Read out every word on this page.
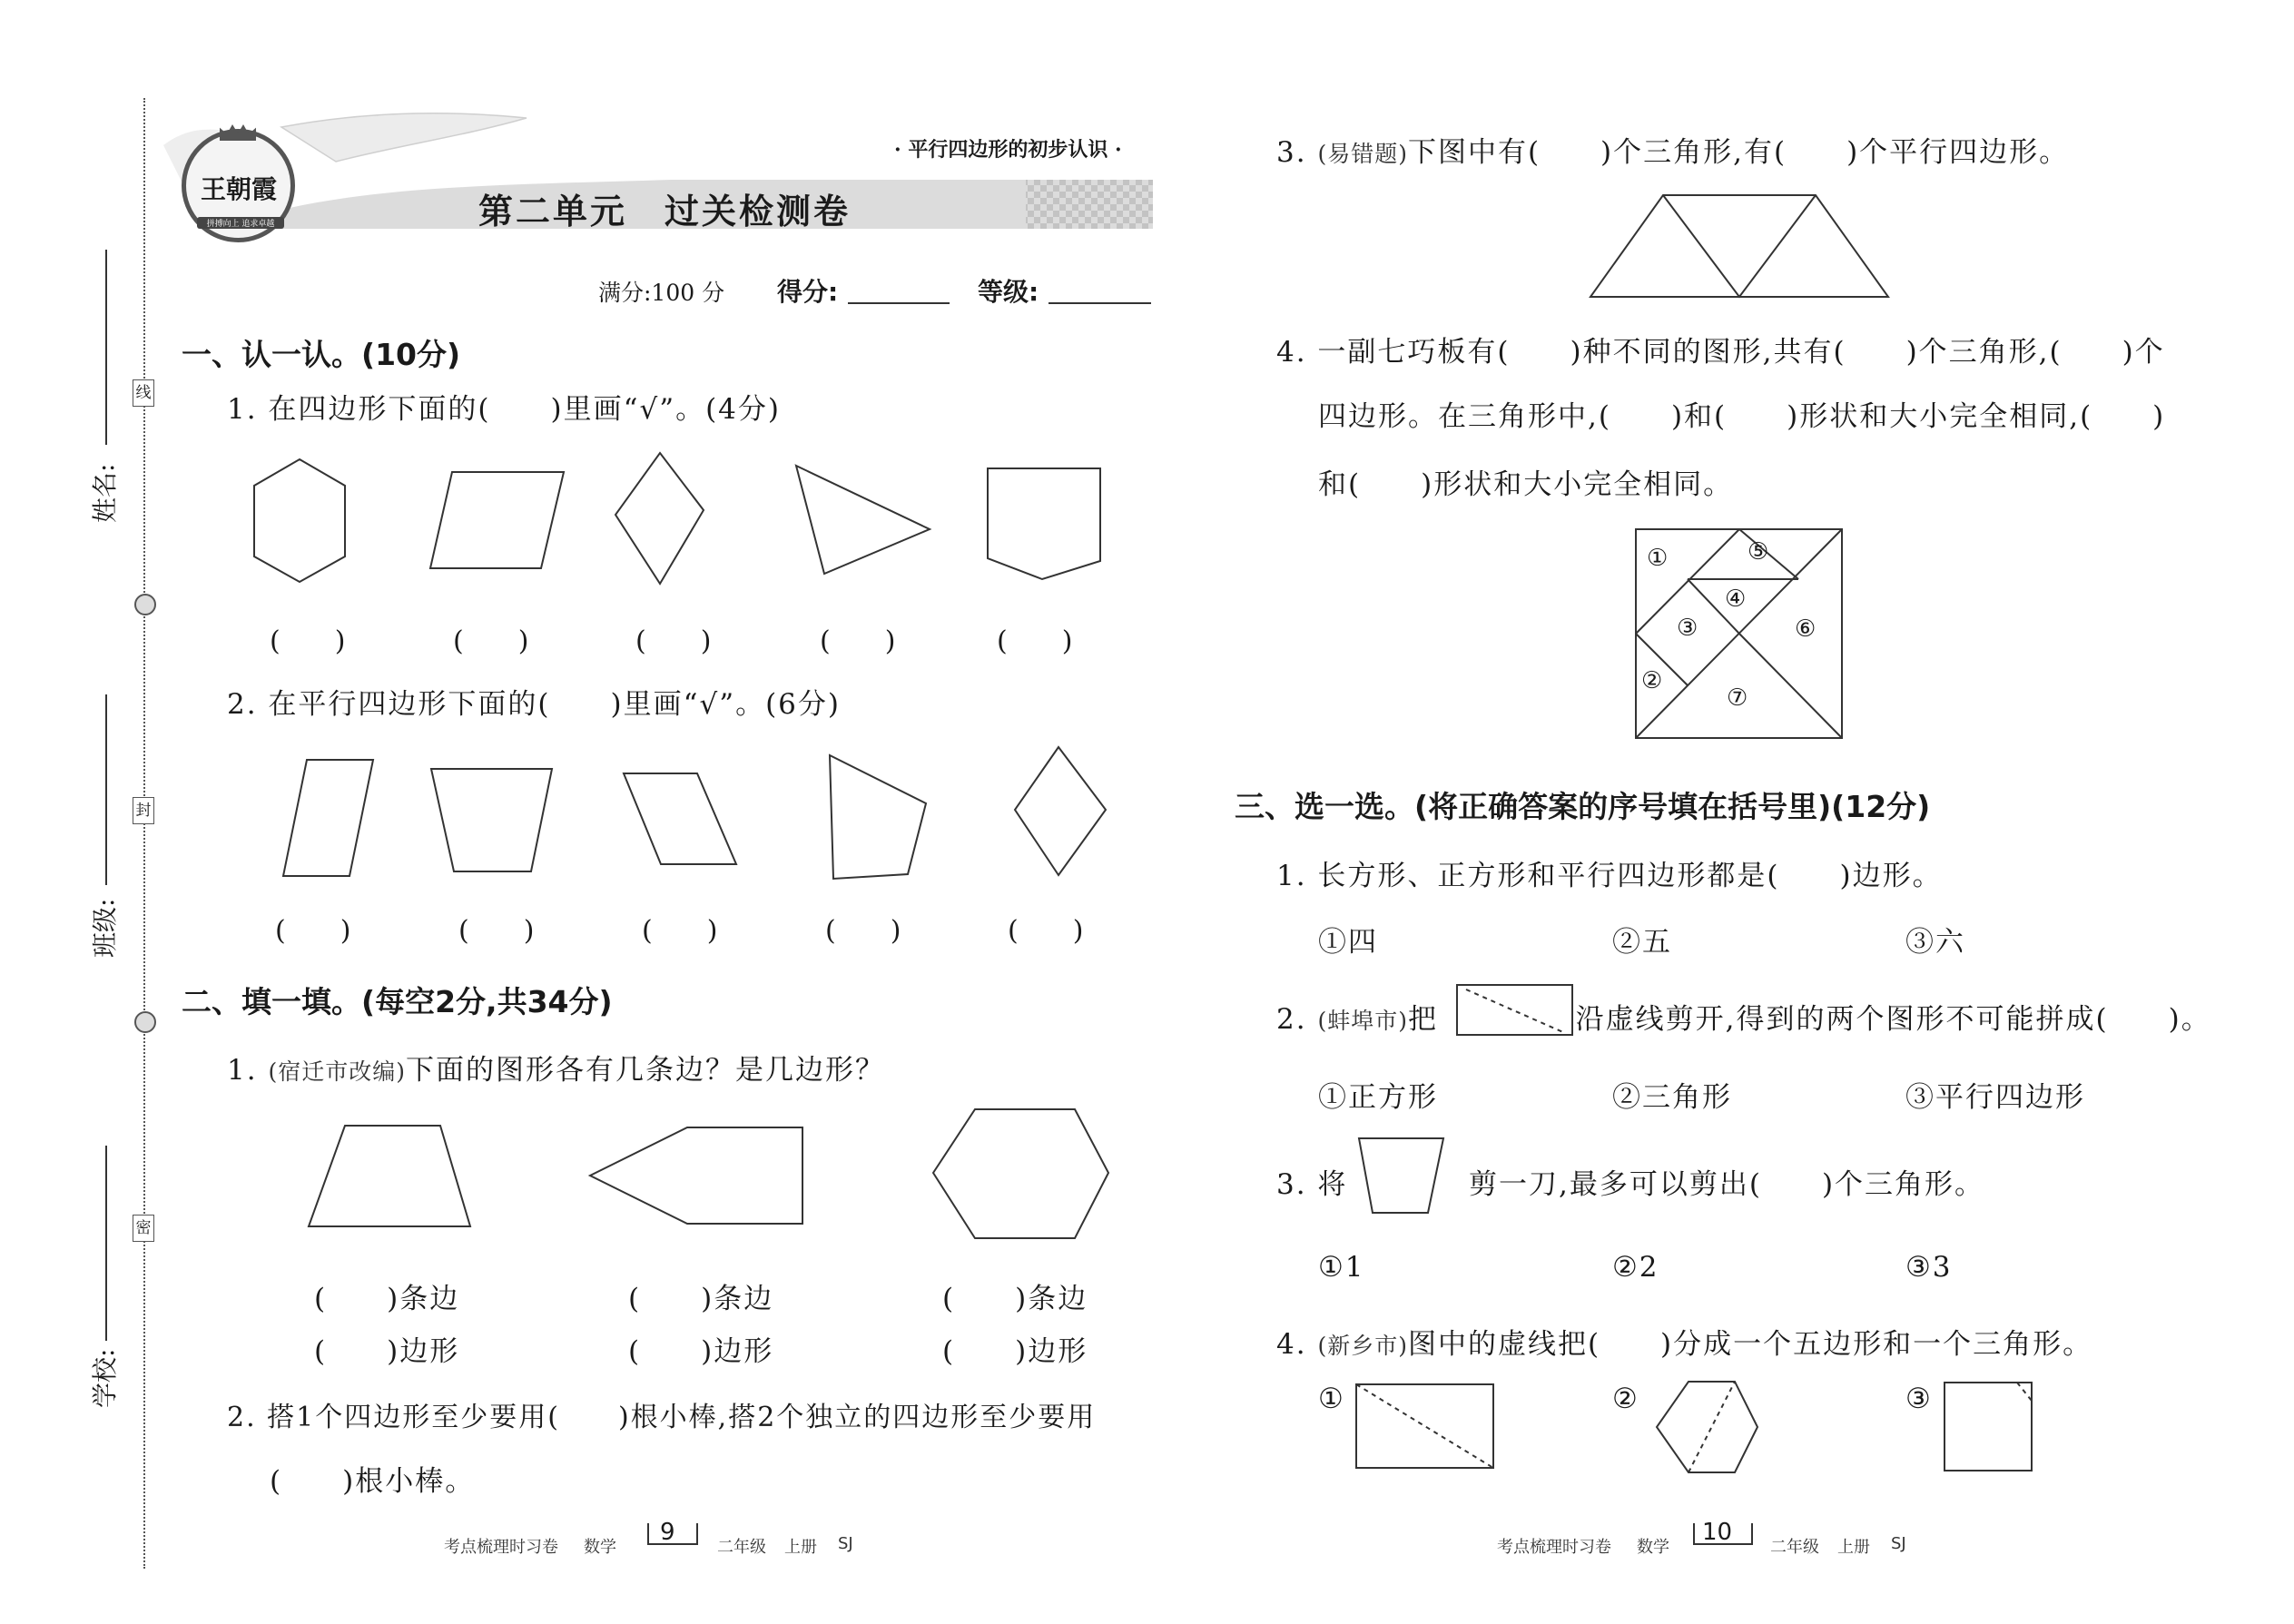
线
封
密
姓名:
班级:
学校:
王朝霞
拼搏向上 追求卓越
· 平行四边形的初步认识 ·
第二单元　过关检测卷
满分:100 分 得分:	等级:
一、认一认。(10分)
1. 在四边形下面的(　　)里画“√”。(4分)
(　　)	(　　)	(　　)	(　　)	(　　)
2. 在平行四边形下面的(　　)里画“√”。(6分)
(　　)	(　　)	(　　)	(　　)	(　　)
二、填一填。(每空2分,共34分)
1. (宿迁市改编)下面的图形各有几条边？是几边形？
(　　)条边	(　　)条边	(　　)条边
(　　)边形	(　　)边形	(　　)边形
2. 搭1个四边形至少要用(　　)根小棒,搭2个独立的四边形至少要用
(　　)根小棒。
3. (易错题)下图中有(　　)个三角形,有(　　)个平行四边形。
4. 一副七巧板有(　　)种不同的图形,共有(　　)个三角形,(　　)个
四边形。在三角形中,(　　)和(　　)形状和大小完全相同,(　　)
和(　　)形状和大小完全相同。
①	⑤
④
③	⑥
②
⑦
三、选一选。(将正确答案的序号填在括号里)(12分)
1. 长方形、正方形和平行四边形都是(　　)边形。
①四	②五	③六
2. (蚌埠市)把	沿虚线剪开,得到的两个图形不可能拼成(　　)。
①正方形	②三角形	③平行四边形
3. 将	剪一刀,最多可以剪出(　　)个三角形。
①1	②2	③3
4. (新乡市)图中的虚线把(　　)分成一个五边形和一个三角形。
①	②	③
考点梳理时习卷 数学
9
二年级 上册 SJ	考点梳理时习卷 数学
10
二年级 上册 SJ
